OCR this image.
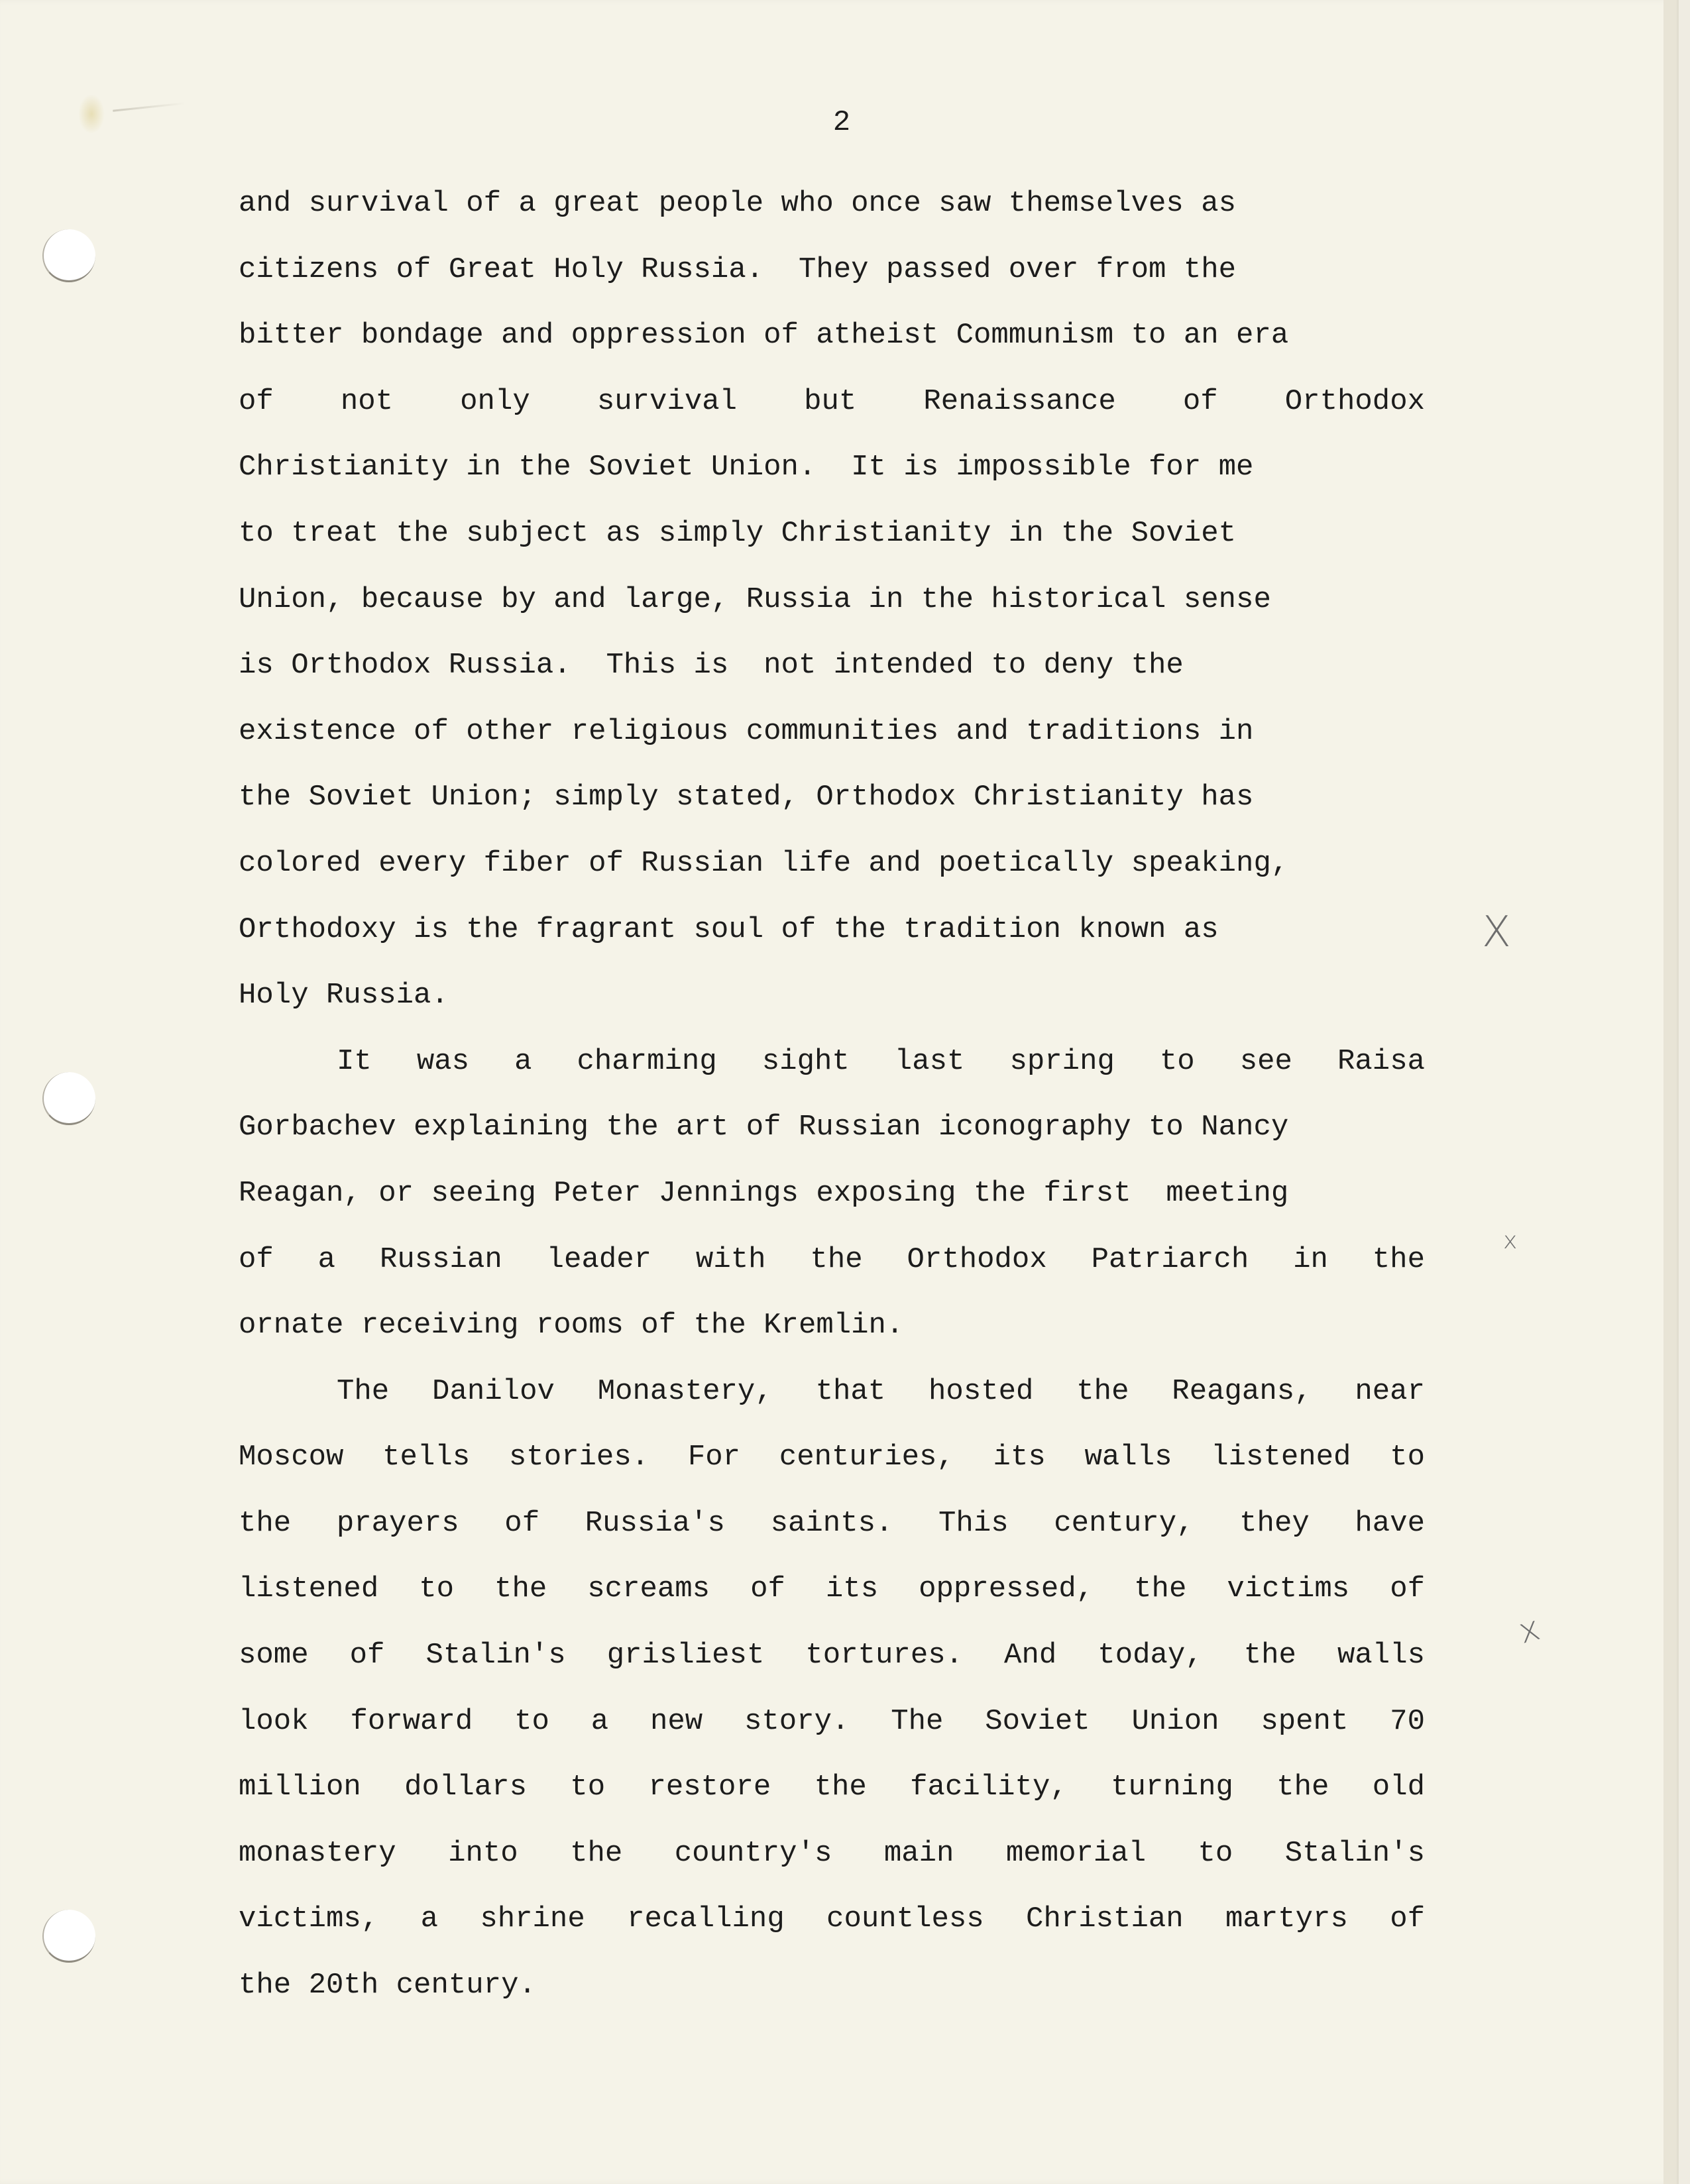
2
and survival of a great people who once saw themselves as
citizens of Great Holy Russia.  They passed over from the
bitter bondage and oppression of atheist Communism to an era
of not only survival but Renaissance of Orthodox
Christianity in the Soviet Union.  It is impossible for me
to treat the subject as simply Christianity in the Soviet
Union, because by and large, Russia in the historical sense
is Orthodox Russia.  This is  not intended to deny the
existence of other religious communities and traditions in
the Soviet Union; simply stated, Orthodox Christianity has
colored every fiber of Russian life and poetically speaking,
Orthodoxy is the fragrant soul of the tradition known as
Holy Russia.
It was a charming sight last spring to see Raisa
Gorbachev explaining the art of Russian iconography to Nancy
Reagan, or seeing Peter Jennings exposing the first  meeting
of a Russian leader with the Orthodox Patriarch in the
ornate receiving rooms of the Kremlin.
The Danilov Monastery, that hosted the Reagans, near
Moscow tells stories. For centuries, its walls listened to
the prayers of Russia's saints. This century, they have
listened to the screams of its oppressed, the victims of
some of Stalin's grisliest tortures. And today, the walls
look forward to a new story. The Soviet Union spent 70
million dollars to restore the facility, turning the old
monastery into the country's main memorial to Stalin's
victims, a shrine recalling countless Christian martyrs of
the 20th century.
X
x
x
